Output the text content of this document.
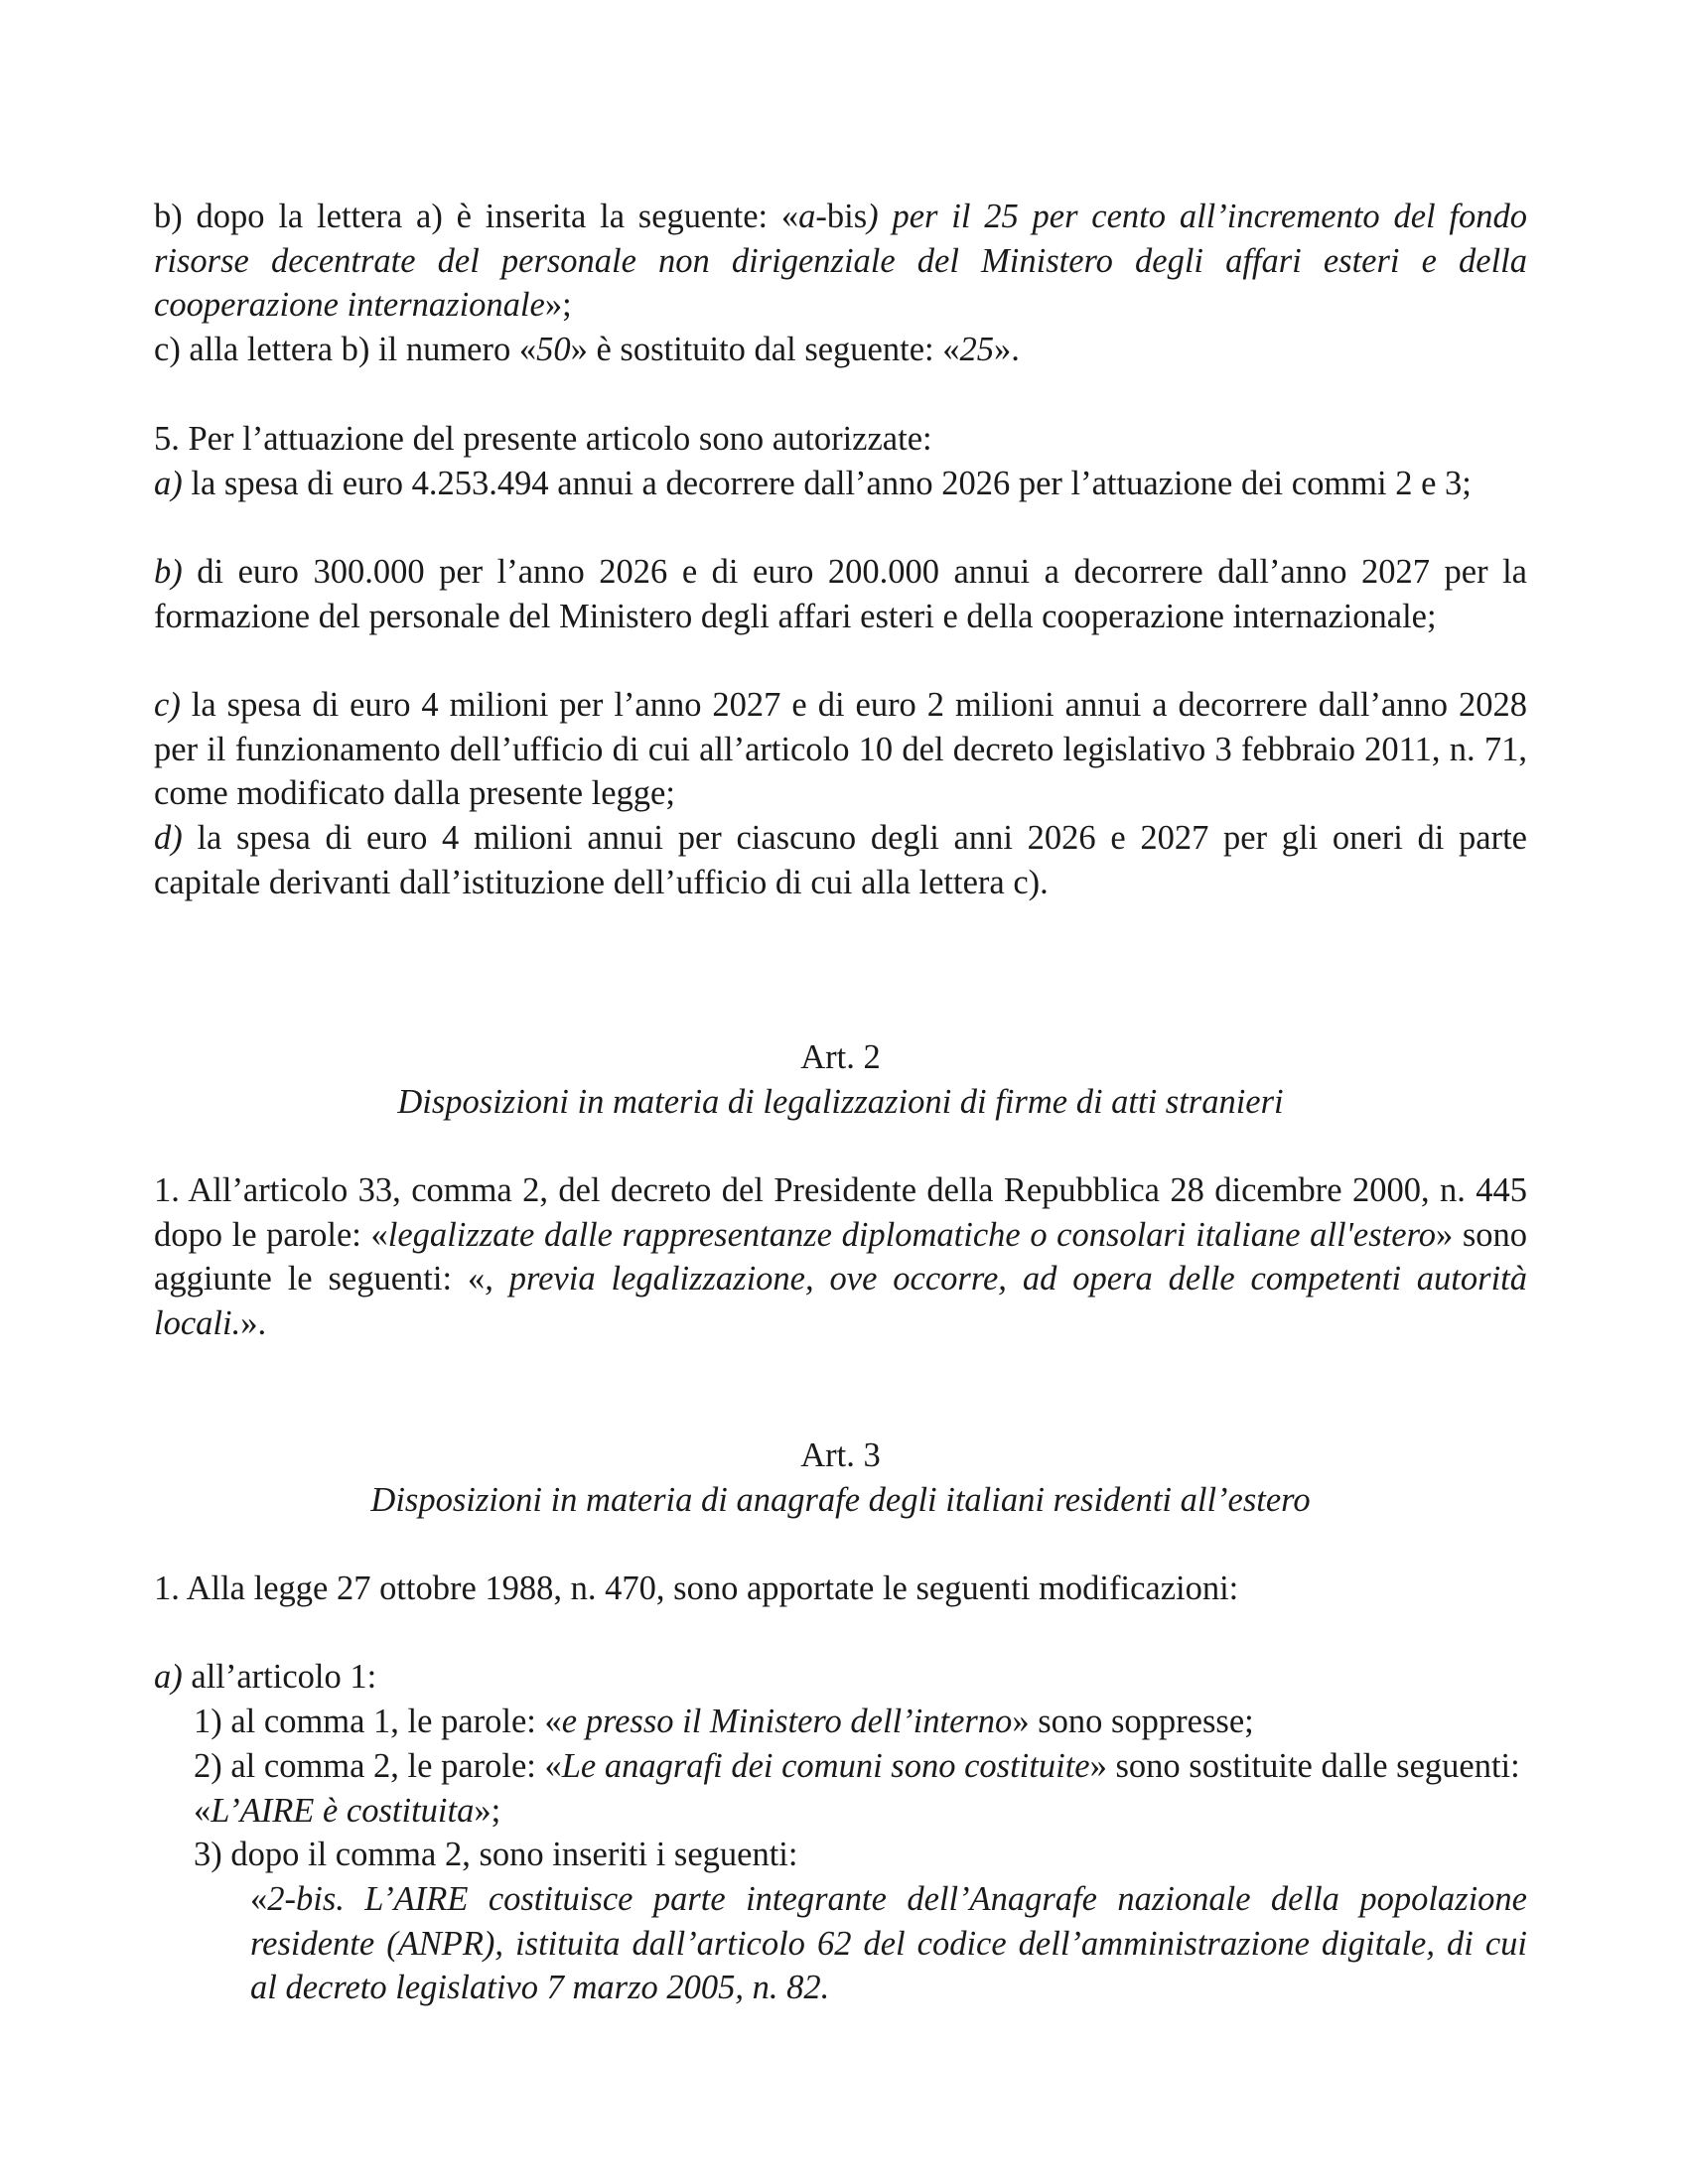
b) dopo la lettera a) è inserita la seguente: «a-bis) per il 25 per cento all’incremento del fondo risorse decentrate del personale non dirigenziale del Ministero degli affari esteri e della cooperazione internazionale»;

c) alla lettera b) il numero «50» è sostituito dal seguente: «25».

5. Per l’attuazione del presente articolo sono autorizzate:

a) la spesa di euro 4.253.494 annui a decorrere dall’anno 2026 per l’attuazione dei commi 2 e 3;

b) di euro 300.000 per l’anno 2026 e di euro 200.000 annui a decorrere dall’anno 2027 per la formazione del personale del Ministero degli affari esteri e della cooperazione internazionale;

c) la spesa di euro 4 milioni per l’anno 2027 e di euro 2 milioni annui a decorrere dall’anno 2028 per il funzionamento dell’ufficio di cui all’articolo 10 del decreto legislativo 3 febbraio 2011, n. 71, come modificato dalla presente legge;

d) la spesa di euro 4 milioni annui per ciascuno degli anni 2026 e 2027 per gli oneri di parte capitale derivanti dall’istituzione dell’ufficio di cui alla lettera c).

Art. 2

Disposizioni in materia di legalizzazioni di firme di atti stranieri

1. All’articolo 33, comma 2, del decreto del Presidente della Repubblica 28 dicembre 2000, n. 445 dopo le parole: «legalizzate dalle rappresentanze diplomatiche o consolari italiane all'estero» sono aggiunte le seguenti: «, previa legalizzazione, ove occorre, ad opera delle competenti autorità locali.».

Art. 3

Disposizioni in materia di anagrafe degli italiani residenti all’estero

1. Alla legge 27 ottobre 1988, n. 470, sono apportate le seguenti modificazioni:

a) all’articolo 1:

1) al comma 1, le parole: «e presso il Ministero dell’interno» sono soppresse;

2) al comma 2, le parole: «Le anagrafi dei comuni sono costituite» sono sostituite dalle seguenti: «L’AIRE è costituita»;

3) dopo il comma 2, sono inseriti i seguenti:

«2-bis. L’AIRE costituisce parte integrante dell’Anagrafe nazionale della popolazione residente (ANPR), istituita dall’articolo 62 del codice dell’amministrazione digitale, di cui al decreto legislativo 7 marzo 2005, n. 82.
